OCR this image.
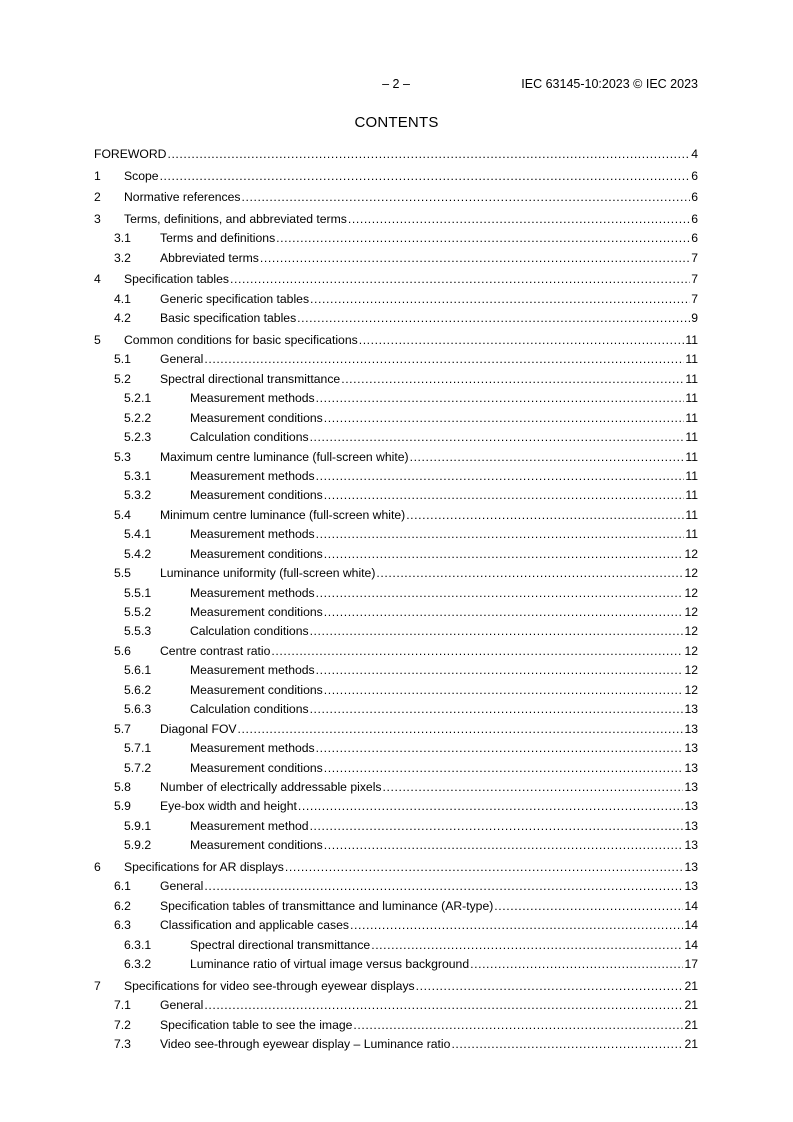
– 2 –	IEC 63145-10:2023 © IEC 2023
CONTENTS
FOREWORD .....	4
1	Scope .....	6
2	Normative references .....	6
3	Terms, definitions, and abbreviated terms .....	6
3.1	Terms and definitions .....	6
3.2	Abbreviated terms .....	7
4	Specification tables .....	7
4.1	Generic specification tables .....	7
4.2	Basic specification tables .....	9
5	Common conditions for basic specifications .....	11
5.1	General .....	11
5.2	Spectral directional transmittance .....	11
5.2.1	Measurement methods .....	11
5.2.2	Measurement conditions .....	11
5.2.3	Calculation conditions .....	11
5.3	Maximum centre luminance (full-screen white) .....	11
5.3.1	Measurement methods .....	11
5.3.2	Measurement conditions .....	11
5.4	Minimum centre luminance (full-screen white) .....	11
5.4.1	Measurement methods .....	11
5.4.2	Measurement conditions .....	12
5.5	Luminance uniformity (full-screen white) .....	12
5.5.1	Measurement methods .....	12
5.5.2	Measurement conditions .....	12
5.5.3	Calculation conditions .....	12
5.6	Centre contrast ratio .....	12
5.6.1	Measurement methods .....	12
5.6.2	Measurement conditions .....	12
5.6.3	Calculation conditions .....	13
5.7	Diagonal FOV .....	13
5.7.1	Measurement methods .....	13
5.7.2	Measurement conditions .....	13
5.8	Number of electrically addressable pixels .....	13
5.9	Eye-box width and height .....	13
5.9.1	Measurement method .....	13
5.9.2	Measurement conditions .....	13
6	Specifications for AR displays .....	13
6.1	General .....	13
6.2	Specification tables of transmittance and luminance (AR-type) .....	14
6.3	Classification and applicable cases .....	14
6.3.1	Spectral directional transmittance .....	14
6.3.2	Luminance ratio of virtual image versus background .....	17
7	Specifications for video see-through eyewear displays .....	21
7.1	General .....	21
7.2	Specification table to see the image .....	21
7.3	Video see-through eyewear display – Luminance ratio .....	21
